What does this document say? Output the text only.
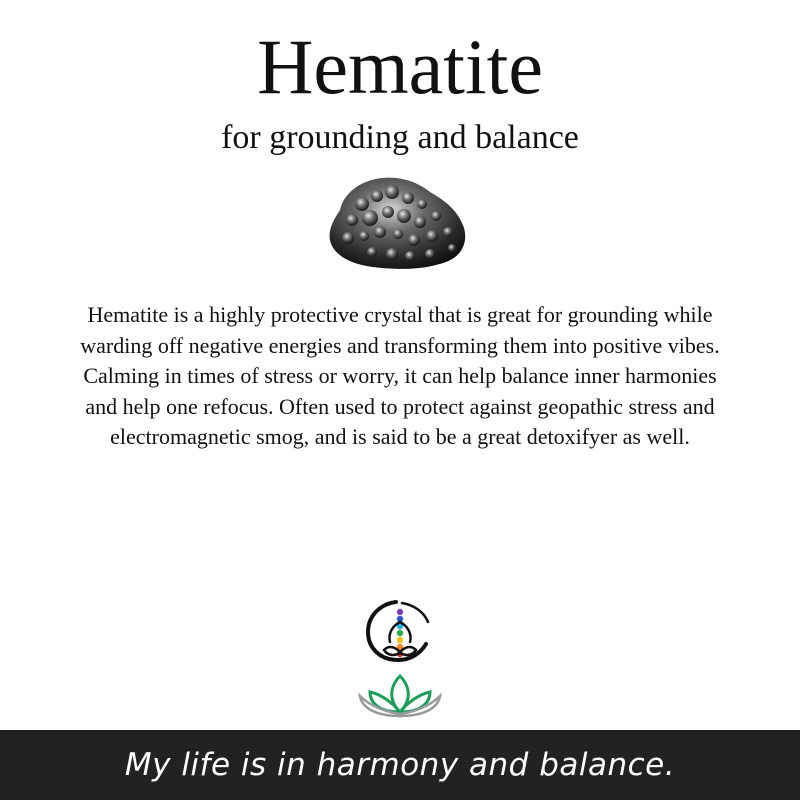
Hematite
for grounding and balance
Hematite is a highly protective crystal that is great for grounding while warding off negative energies and transforming them into positive vibes. Calming in times of stress or worry, it can help balance inner harmonies and help one refocus. Often used to protect against geopathic stress and electromagnetic smog, and is said to be a great detoxifyer as well.
My life is in harmony and balance.
